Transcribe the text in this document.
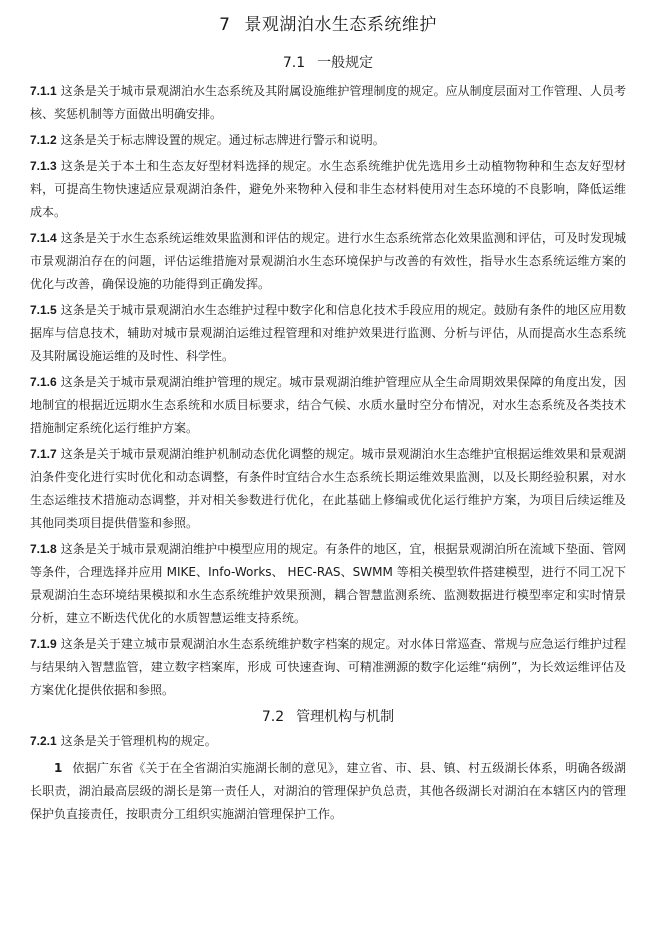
7 景观湖泊水生态系统维护
7.1 一般规定

7.1.1 这条是关于城市景观湖泊水生态系统及其附属设施维护管理制度的规定。应从制度层面对工作管理、人员考核、奖惩机制等方面做出明确安排。

7.1.2 这条是关于标志牌设置的规定。通过标志牌进行警示和说明。

7.1.3 这条是关于本土和生态友好型材料选择的规定。水生态系统维护优先选用乡土动植物物种和生态友好型材料，可提高生物快速适应景观湖泊条件，避免外来物种入侵和非生态材料使用对生态环境的不良影响，降低运维成本。

7.1.4 这条是关于水生态系统运维效果监测和评估的规定。进行水生态系统常态化效果监测和评估，可及时发现城市景观湖泊存在的问题，评估运维措施对景观湖泊水生态环境保护与改善的有效性，指导水生态系统运维方案的优化与改善，确保设施的功能得到正确发挥。

7.1.5 这条是关于城市景观湖泊水生态维护过程中数字化和信息化技术手段应用的规定。鼓励有条件的地区应用数据库与信息技术，辅助对城市景观湖泊运维过程管理和对维护效果进行监测、分析与评估，从而提高水生态系统及其附属设施运维的及时性、科学性。

7.1.6 这条是关于城市景观湖泊维护管理的规定。城市景观湖泊维护管理应从全生命周期效果保障的角度出发，因地制宜的根据近远期水生态系统和水质目标要求，结合气候、水质水量时空分布情况，对水生态系统及各类技术措施制定系统化运行维护方案。

7.1.7 这条是关于城市景观湖泊维护机制动态优化调整的规定。城市景观湖泊水生态维护宜根据运维效果和景观湖泊条件变化进行实时优化和动态调整，有条件时宜结合水生态系统长期运维效果监测，以及长期经验积累，对水生态运维技术措施动态调整，并对相关参数进行优化，在此基础上修编或优化运行维护方案，为项目后续运维及其他同类项目提供借鉴和参照。

7.1.8 这条是关于城市景观湖泊维护中模型应用的规定。有条件的地区，宜，根据景观湖泊所在流域下垫面、管网等条件，合理选择并应用 MIKE、Info-Works、 HEC-RAS、SWMM 等相关模型软件搭建模型，进行不同工况下景观湖泊生态环境结果模拟和水生态系统维护效果预测，耦合智慧监测系统、监测数据进行模型率定和实时情景分析，建立不断迭代优化的水质智慧运维支持系统。

7.1.9 这条是关于建立城市景观湖泊水生态系统维护数字档案的规定。对水体日常巡查、常规与应急运行维护过程与结果纳入智慧监管，建立数字档案库，形成 可快速查询、可精准溯源的数字化运维“病例”，为长效运维评估及方案优化提供依据和参照。

7.2 管理机构与机制

7.2.1 这条是关于管理机构的规定。

1 依据广东省《关于在全省湖泊实施湖长制的意见》，建立省、市、县、镇、村五级湖长体系，明确各级湖长职责，湖泊最高层级的湖长是第一责任人，对湖泊的管理保护负总责，其他各级湖长对湖泊在本辖区内的管理保护负直接责任，按职责分工组织实施湖泊管理保护工作。
